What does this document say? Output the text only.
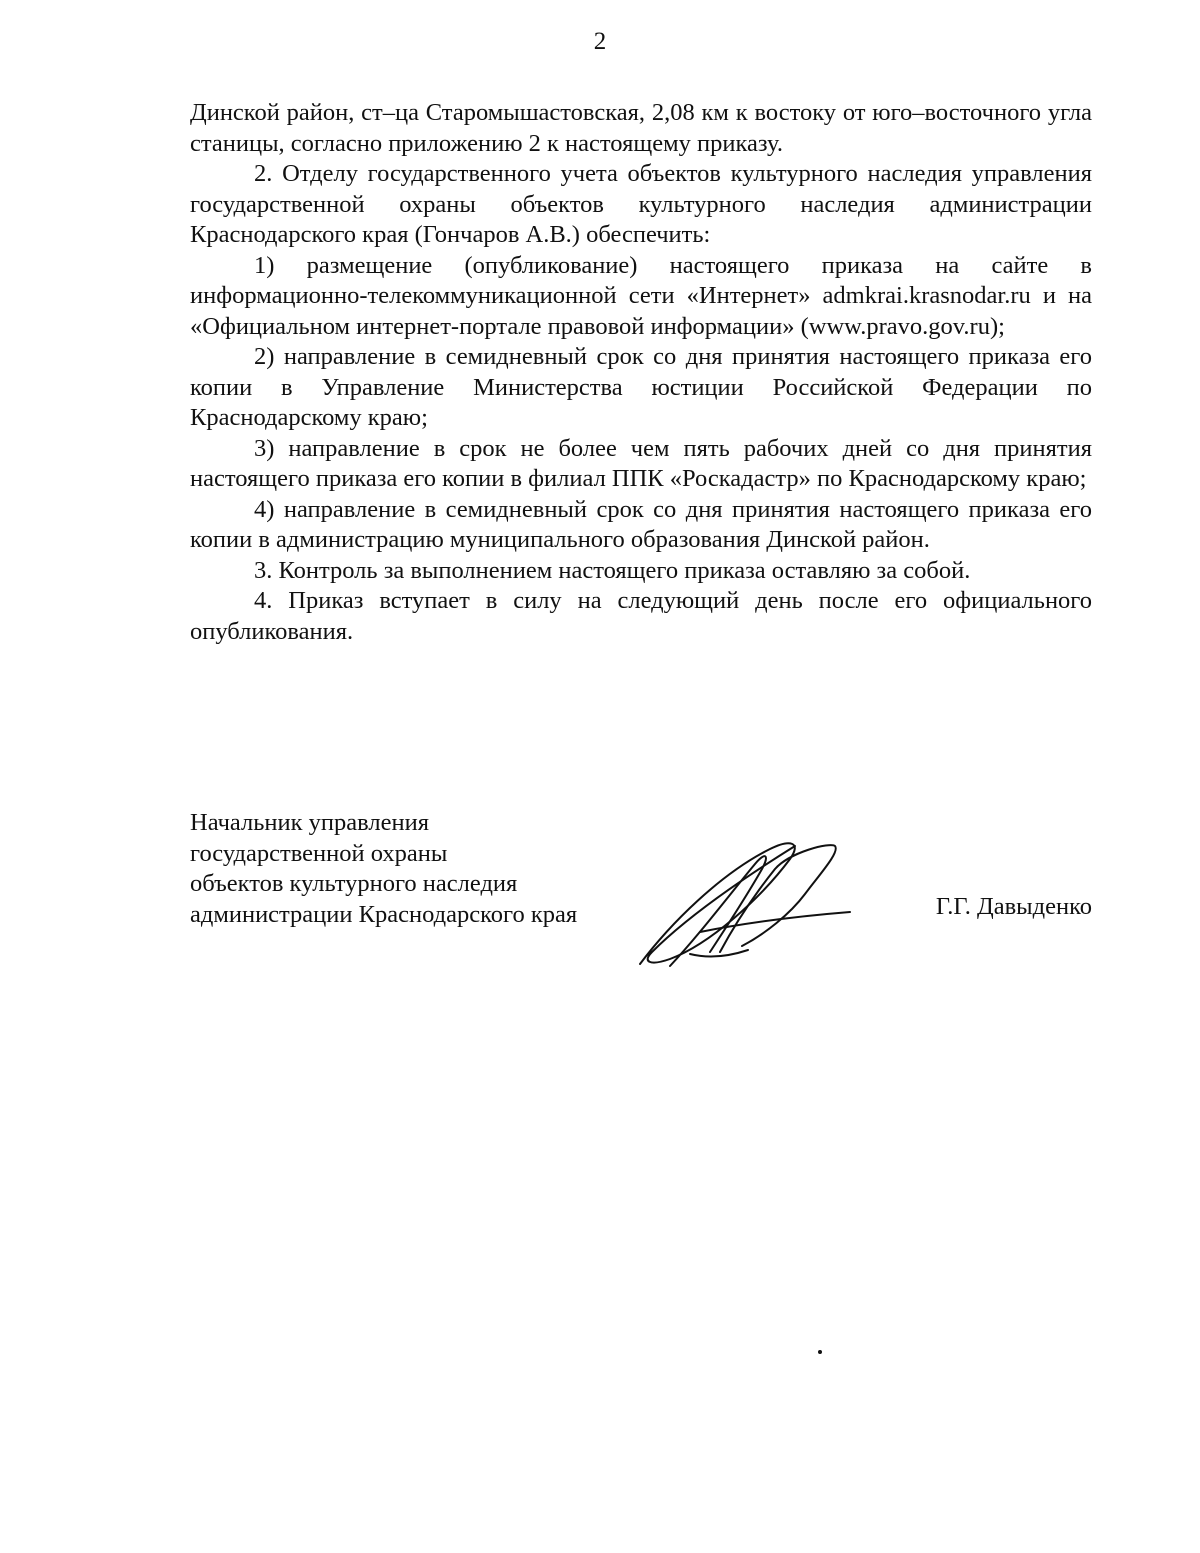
2

Динской район, ст–ца Старомышастовская, 2,08 км к востоку от юго–восточного угла станицы, согласно приложению 2 к настоящему приказу.

2. Отделу государственного учета объектов культурного наследия управления государственной охраны объектов культурного наследия администрации Краснодарского края (Гончаров А.В.) обеспечить:

1) размещение (опубликование) настоящего приказа на сайте в информационно-телекоммуникационной сети «Интернет» admkrai.krasnodar.ru и на «Официальном интернет-портале правовой информации» (www.pravo.gov.ru);

2) направление в семидневный срок со дня принятия настоящего приказа его копии в Управление Министерства юстиции Российской Федерации по Краснодарскому краю;

3) направление в срок не более чем пять рабочих дней со дня принятия настоящего приказа его копии в филиал ППК «Роскадастр» по Краснодарскому краю;

4) направление в семидневный срок со дня принятия настоящего приказа его копии в администрацию муниципального образования Динской район.

3. Контроль за выполнением настоящего приказа оставляю за собой.

4. Приказ вступает в силу на следующий день после его официального опубликования.

Начальник управления
государственной охраны
объектов культурного наследия
администрации Краснодарского края	Г.Г. Давыденко
